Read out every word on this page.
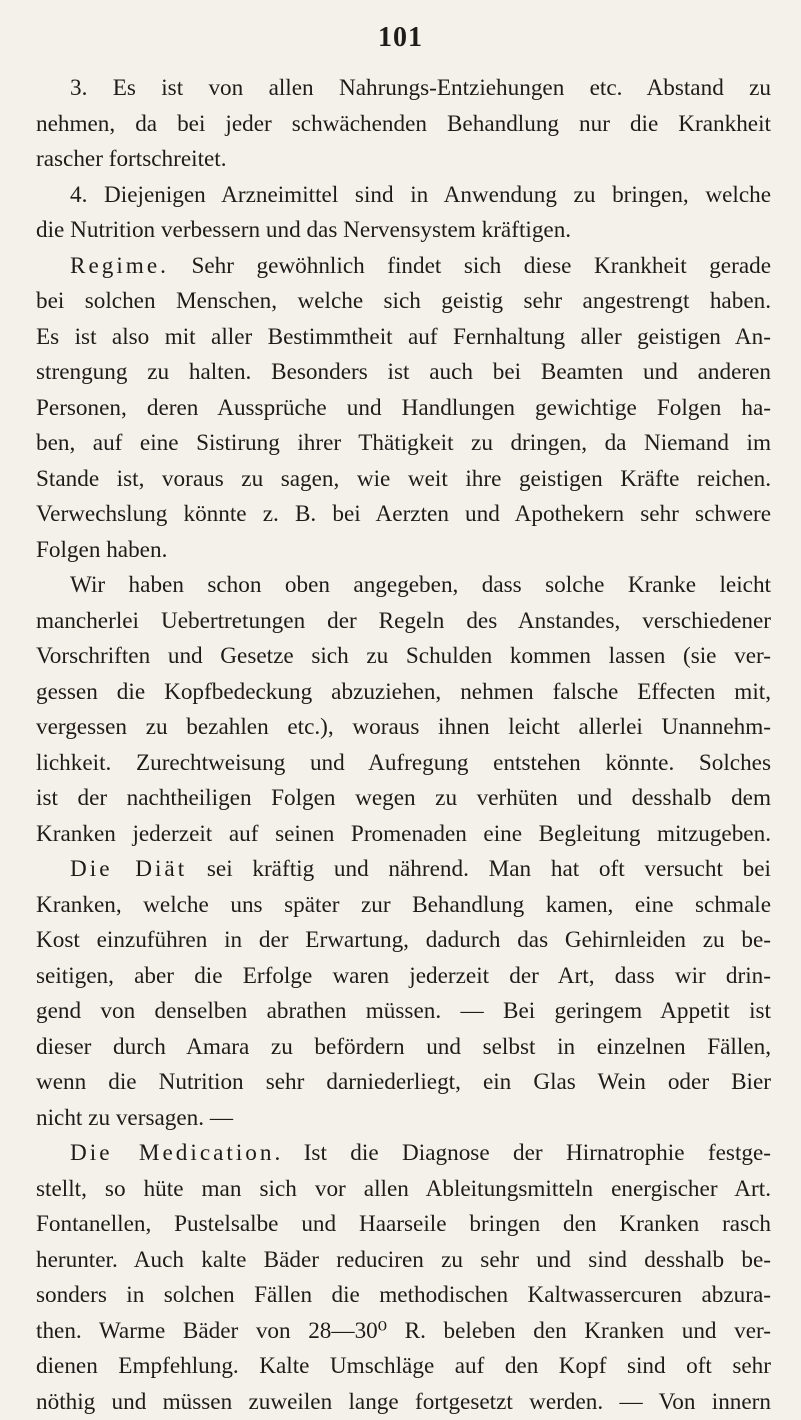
101
3. Es ist von allen Nahrungs-Entziehungen etc. Abstand zu
nehmen, da bei jeder schwächenden Behandlung nur die Krankheit
rascher fortschreitet.
4. Diejenigen Arzneimittel sind in Anwendung zu bringen, welche
die Nutrition verbessern und das Nervensystem kräftigen.
Regime. Sehr gewöhnlich findet sich diese Krankheit gerade
bei solchen Menschen, welche sich geistig sehr angestrengt haben.
Es ist also mit aller Bestimmtheit auf Fernhaltung aller geistigen An-
strengung zu halten. Besonders ist auch bei Beamten und anderen
Personen, deren Aussprüche und Handlungen gewichtige Folgen ha-
ben, auf eine Sistirung ihrer Thätigkeit zu dringen, da Niemand im
Stande ist, voraus zu sagen, wie weit ihre geistigen Kräfte reichen.
Verwechslung könnte z. B. bei Aerzten und Apothekern sehr schwere
Folgen haben.
Wir haben schon oben angegeben, dass solche Kranke leicht
mancherlei Uebertretungen der Regeln des Anstandes, verschiedener
Vorschriften und Gesetze sich zu Schulden kommen lassen (sie ver-
gessen die Kopfbedeckung abzuziehen, nehmen falsche Effecten mit,
vergessen zu bezahlen etc.), woraus ihnen leicht allerlei Unannehm-
lichkeit. Zurechtweisung und Aufregung entstehen könnte. Solches
ist der nachtheiligen Folgen wegen zu verhüten und desshalb dem
Kranken jederzeit auf seinen Promenaden eine Begleitung mitzugeben.
Die Diät sei kräftig und nährend. Man hat oft versucht bei
Kranken, welche uns später zur Behandlung kamen, eine schmale
Kost einzuführen in der Erwartung, dadurch das Gehirnleiden zu be-
seitigen, aber die Erfolge waren jederzeit der Art, dass wir drin-
gend von denselben abrathen müssen. — Bei geringem Appetit ist
dieser durch Amara zu befördern und selbst in einzelnen Fällen,
wenn die Nutrition sehr darniederliegt, ein Glas Wein oder Bier
nicht zu versagen. —
Die Medication. Ist die Diagnose der Hirnatrophie festge-
stellt, so hüte man sich vor allen Ableitungsmitteln energischer Art.
Fontanellen, Pustelsalbe und Haarseile bringen den Kranken rasch
herunter. Auch kalte Bäder reduciren zu sehr und sind desshalb be-
sonders in solchen Fällen die methodischen Kaltwassercuren abzura-
then. Warme Bäder von 28—30⁰ R. beleben den Kranken und ver-
dienen Empfehlung. Kalte Umschläge auf den Kopf sind oft sehr
nöthig und müssen zuweilen lange fortgesetzt werden. — Von innern
